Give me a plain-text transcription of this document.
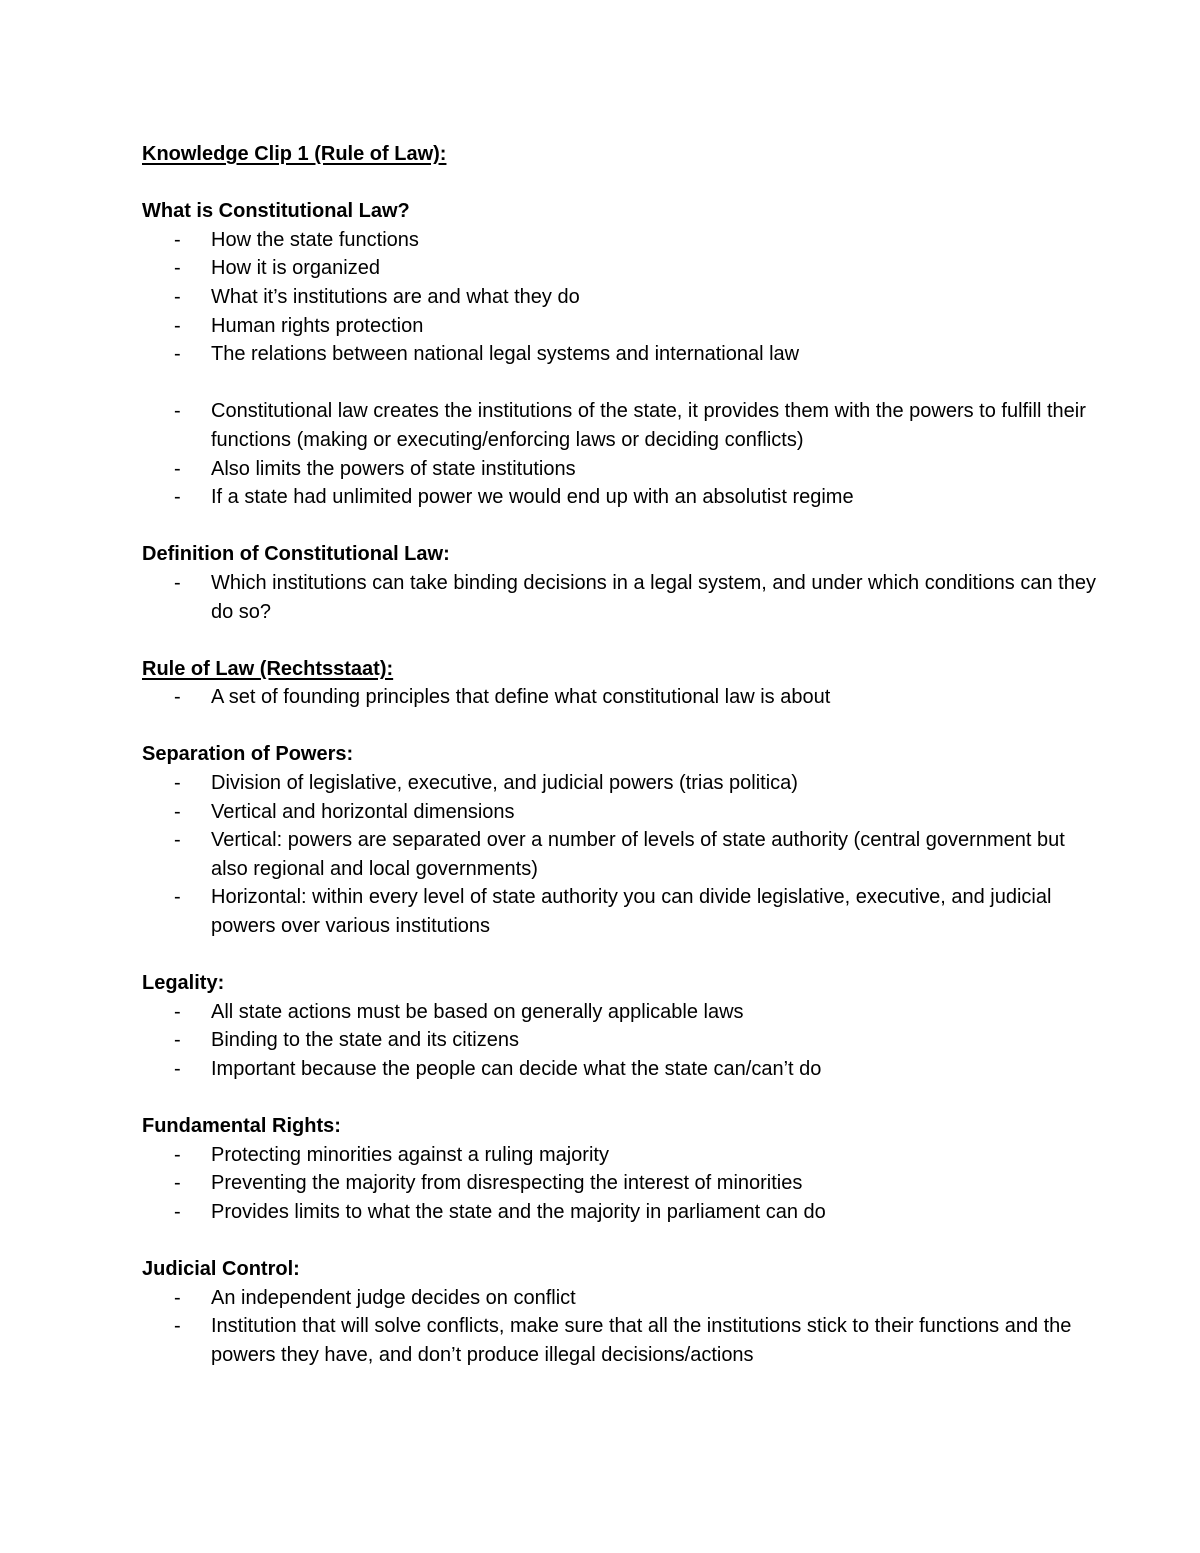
Knowledge Clip 1 (Rule of Law):

What is Constitutional Law?

- How the state functions
- How it is organized
- What it’s institutions are and what they do
- Human rights protection
- The relations between national legal systems and international law
- Constitutional law creates the institutions of the state, it provides them with the powers to fulfill their functions (making or executing/enforcing laws or deciding conflicts)
- Also limits the powers of state institutions
- If a state had unlimited power we would end up with an absolutist regime

Definition of Constitutional Law:

- Which institutions can take binding decisions in a legal system, and under which conditions can they do so?

Rule of Law (Rechtsstaat):

- A set of founding principles that define what constitutional law is about

Separation of Powers:

- Division of legislative, executive, and judicial powers (trias politica)
- Vertical and horizontal dimensions
- Vertical: powers are separated over a number of levels of state authority (central government but also regional and local governments)
- Horizontal: within every level of state authority you can divide legislative, executive, and judicial powers over various institutions

Legality:

- All state actions must be based on generally applicable laws
- Binding to the state and its citizens
- Important because the people can decide what the state can/can’t do

Fundamental Rights:

- Protecting minorities against a ruling majority
- Preventing the majority from disrespecting the interest of minorities
- Provides limits to what the state and the majority in parliament can do

Judicial Control:

- An independent judge decides on conflict
- Institution that will solve conflicts, make sure that all the institutions stick to their functions and the powers they have, and don’t produce illegal decisions/actions
